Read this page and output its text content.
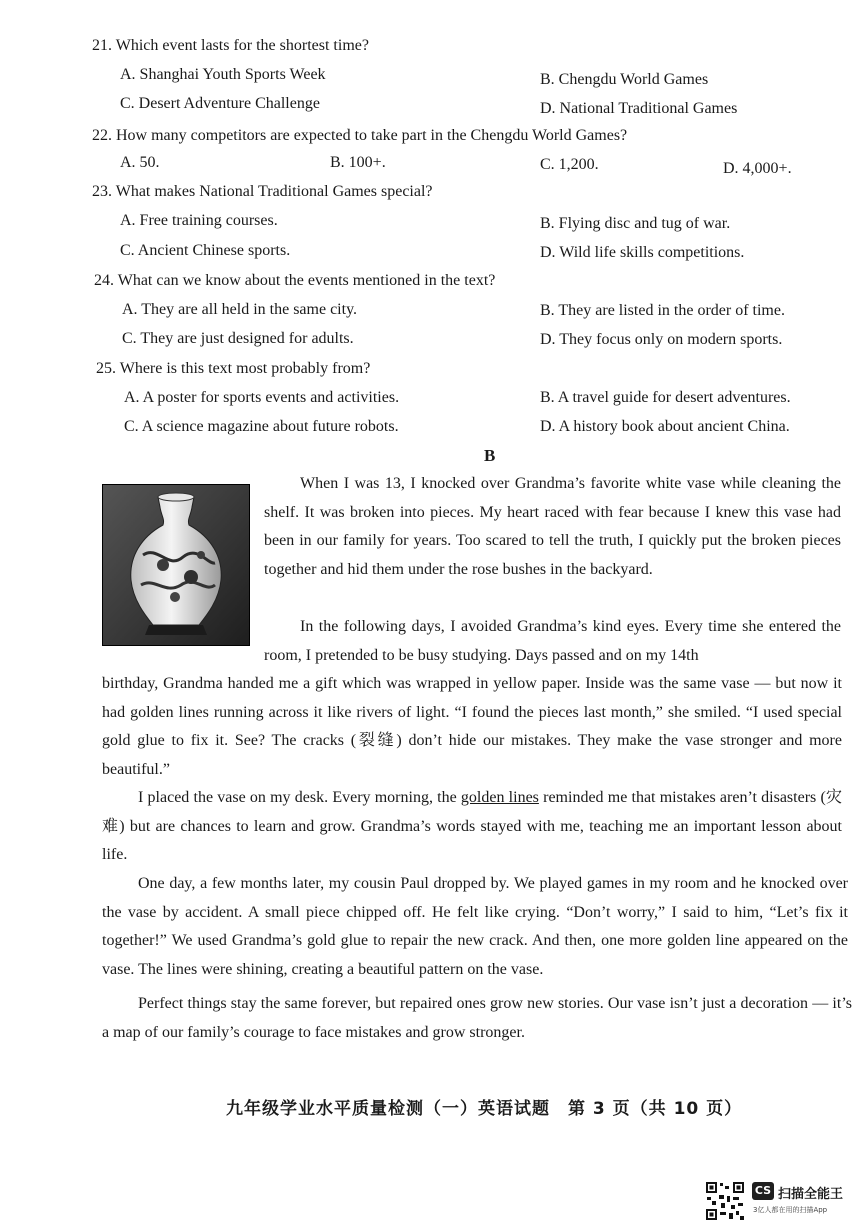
21. Which event lasts for the shortest time?
A. Shanghai Youth Sports Week	B. Chengdu World Games
C. Desert Adventure Challenge	D. National Traditional Games
22. How many competitors are expected to take part in the Chengdu World Games?
A. 50.	B. 100+.	C. 1,200.	D. 4,000+.
23. What makes National Traditional Games special?
A. Free training courses.	B. Flying disc and tug of war.
C. Ancient Chinese sports.	D. Wild life skills competitions.
24. What can we know about the events mentioned in the text?
A. They are all held in the same city.	B. They are listed in the order of time.
C. They are just designed for adults.	D. They focus only on modern sports.
25. Where is this text most probably from?
A. A poster for sports events and activities.	B. A travel guide for desert adventures.
C. A science magazine about future robots.	D. A history book about ancient China.
B
When I was 13, I knocked over Grandma’s favorite white vase while cleaning the shelf. It was broken into pieces. My heart raced with fear because I knew this vase had been in our family for years. Too scared to tell the truth, I quickly put the broken pieces together and hid them under the rose bushes in the backyard.
In the following days, I avoided Grandma’s kind eyes. Every time she entered the room, I pretended to be busy studying. Days passed and on my 14th
birthday, Grandma handed me a gift which was wrapped in yellow paper. Inside was the same vase — but now it had golden lines running across it like rivers of light. “I found the pieces last month,” she smiled. “I used special gold glue to fix it. See? The cracks (裂缝) don’t hide our mistakes. They make the vase stronger and more beautiful.”
I placed the vase on my desk. Every morning, the golden lines reminded me that mistakes aren’t disasters (灾难) but are chances to learn and grow. Grandma’s words stayed with me, teaching me an important lesson about life.
One day, a few months later, my cousin Paul dropped by. We played games in my room and he knocked over the vase by accident. A small piece chipped off. He felt like crying. “Don’t worry,” I said to him, “Let’s fix it together!” We used Grandma’s gold glue to repair the new crack. And then, one more golden line appeared on the vase. The lines were shining, creating a beautiful pattern on the vase.
Perfect things stay the same forever, but repaired ones grow new stories. Our vase isn’t just a decoration — it’s a map of our family’s courage to face mistakes and grow stronger.
九年级学业水平质量检测（一）英语试题　第 3 页（共 10 页）
CS 扫描全能王
3亿人都在用的扫描App
